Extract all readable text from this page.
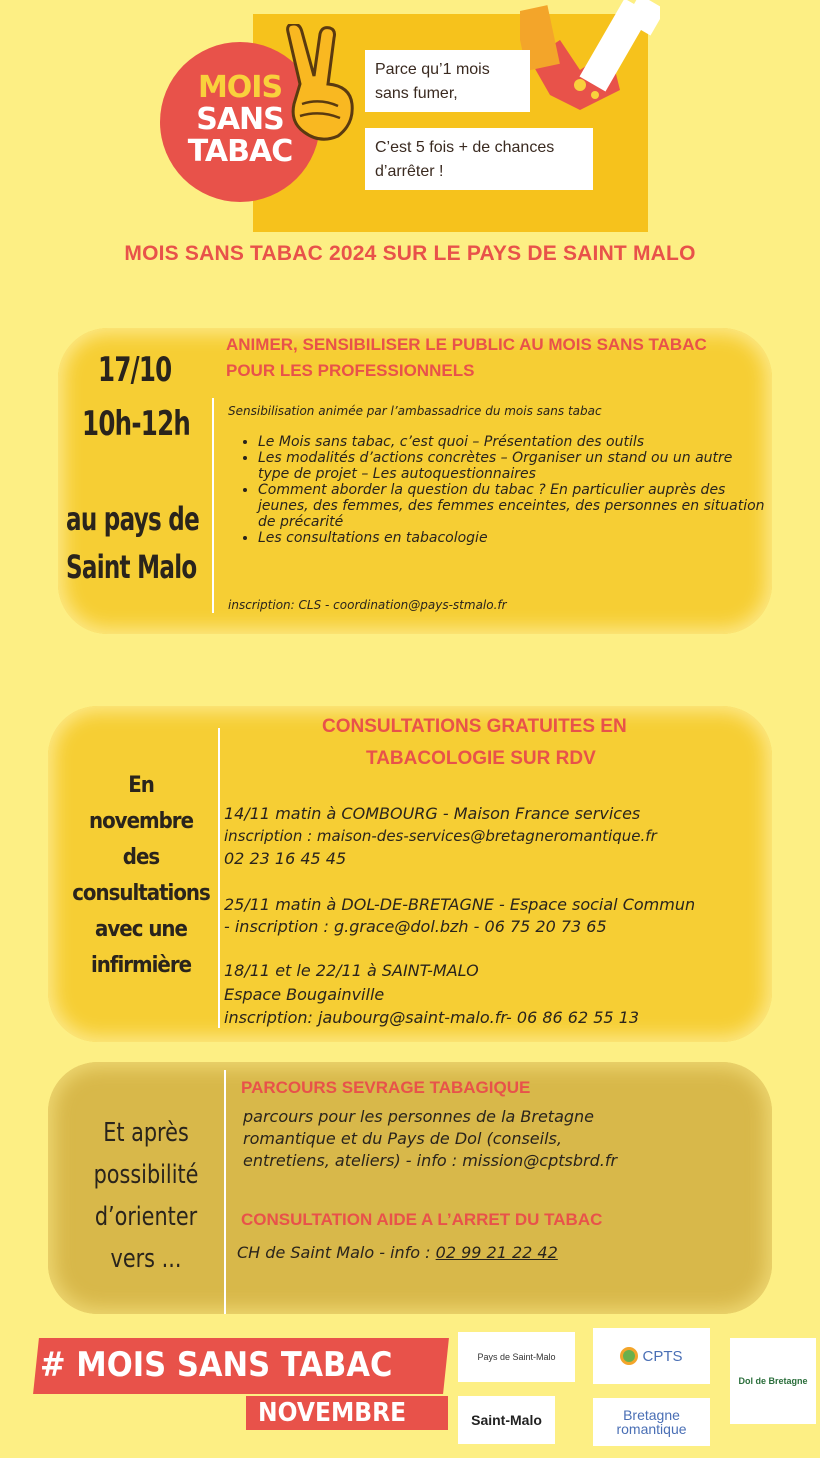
MOIS
SANS
TABAC
Parce qu’1 mois sans fumer,
C’est 5 fois + de chances d’arrêter !
MOIS SANS TABAC 2024 SUR LE PAYS DE SAINT MALO
17/10
10h-12h
au pays de
Saint Malo
ANIMER, SENSIBILISER LE PUBLIC AU MOIS SANS TABAC POUR LES PROFESSIONNELS
Sensibilisation animée par l’ambassadrice du mois sans tabac
• Le Mois sans tabac, c’est quoi – Présentation des outils
• Les modalités d’actions concrètes – Organiser un stand ou un autre type de projet – Les autoquestionnaires
• Comment aborder la question du tabac ? En particulier auprès des jeunes, des femmes, des femmes enceintes, des personnes en situation de précarité
• Les consultations en tabacologie
inscription: CLS - coordination@pays-stmalo.fr
En
novembre
des
consultations
avec une
infirmière
CONSULTATIONS GRATUITES EN
TABACOLOGIE SUR RDV
14/11 matin à COMBOURG - Maison France services
inscription : maison-des-services@bretagneromantique.fr
02 23 16 45 45
25/11 matin à DOL-DE-BRETAGNE - Espace social Commun
- inscription : g.grace@dol.bzh - 06 75 20 73 65
18/11 et le 22/11 à SAINT-MALO
Espace Bougainville
inscription: jaubourg@saint-malo.fr- 06 86 62 55 13
Et après
possibilité
d’orienter
vers ...
PARCOURS SEVRAGE TABAGIQUE
parcours pour les personnes de la Bretagne
romantique et du Pays de Dol (conseils,
entretiens, ateliers) - info : mission@cptsbrd.fr
CONSULTATION AIDE A L’ARRET DU TABAC
CH de Saint Malo - info : 02 99 21 22 42
# MOIS SANS TABAC
NOVEMBRE
Pays de Saint-Malo	CPTS
Dol de Bretagne
Saint-Malo	Bretagne
romantique
